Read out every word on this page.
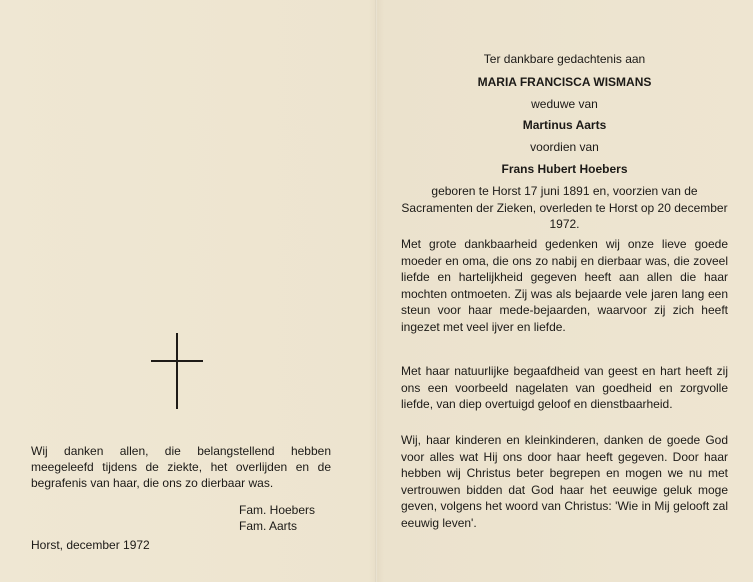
Wij danken allen, die belangstellend hebben meegeleefd tijdens de ziekte, het overlijden en de begrafenis van haar, die ons zo dierbaar was.

Fam. Hoebers
Fam. Aarts
Horst, december 1972
Ter dankbare gedachtenis aan
MARIA FRANCISCA WISMANS
weduwe van
Martinus Aarts
voordien van
Frans Hubert Hoebers

geboren te Horst 17 juni 1891 en, voorzien van de Sacramenten der Zieken, overleden te Horst op 20 december 1972.

Met grote dankbaarheid gedenken wij onze lieve goede moeder en oma, die ons zo nabij en dierbaar was, die zoveel liefde en hartelijkheid gegeven heeft aan allen die haar mochten ontmoeten. Zij was als bejaarde vele jaren lang een steun voor haar mede-bejaarden, waarvoor zij zich heeft ingezet met veel ijver en liefde.

Met haar natuurlijke begaafdheid van geest en hart heeft zij ons een voorbeeld nagelaten van goedheid en zorgvolle liefde, van diep overtuigd geloof en dienstbaarheid.

Wij, haar kinderen en kleinkinderen, danken de goede God voor alles wat Hij ons door haar heeft gegeven. Door haar hebben wij Christus beter begrepen en mogen we nu met vertrouwen bidden dat God haar het eeuwige geluk moge geven, volgens het woord van Christus: 'Wie in Mij gelooft zal eeuwig leven'.
